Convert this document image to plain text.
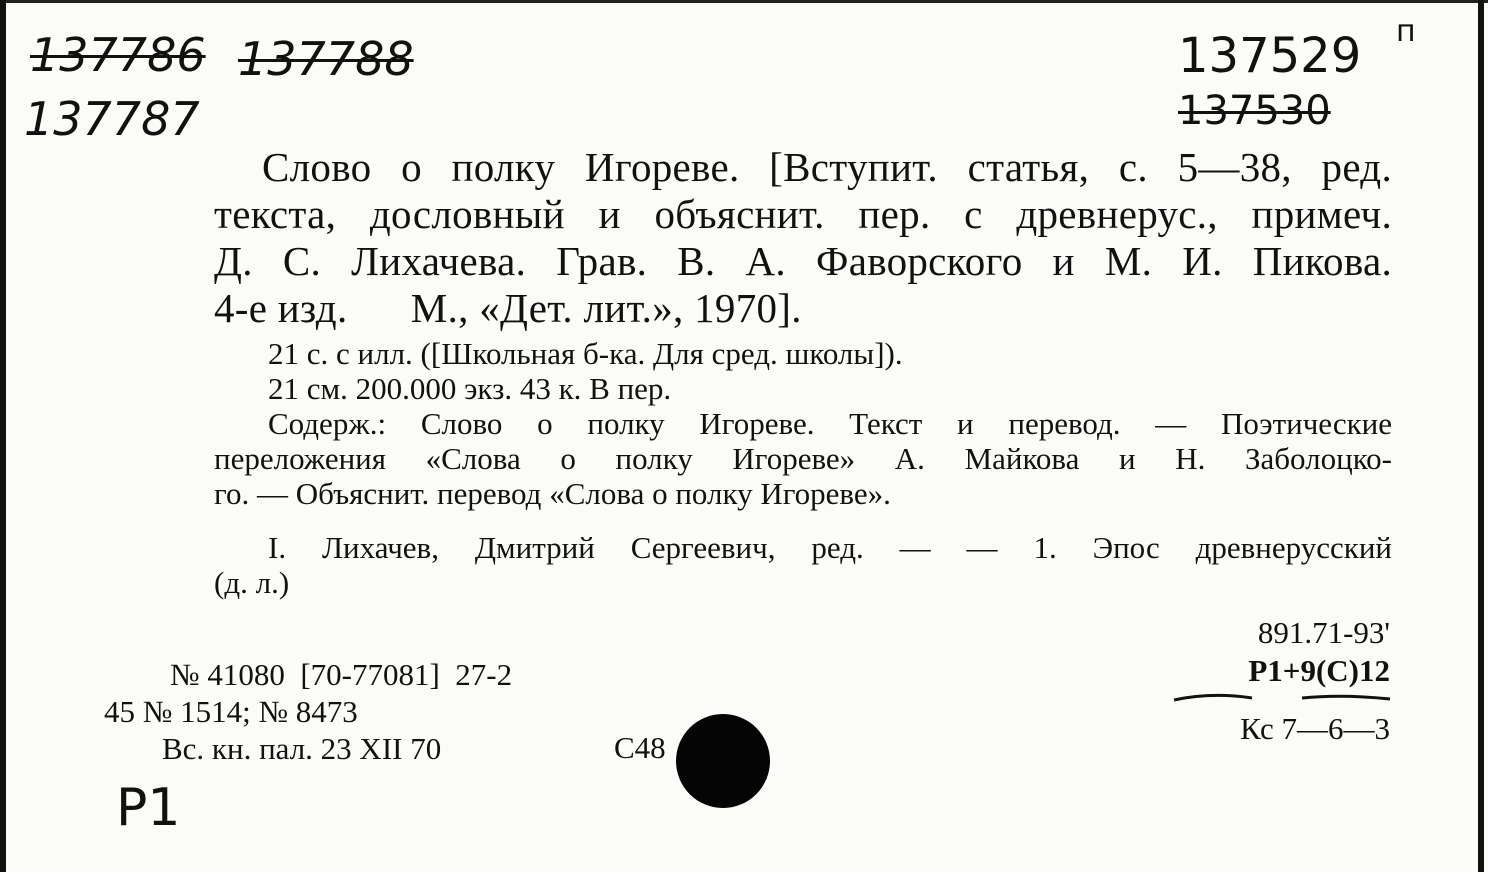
137786 137788
137787
137529 п
137530
Слово о полку Игореве. [Вступит. статья, с. 5—38, ред.
текста, дословный и объяснит. пер. с древнерус., примеч.
Д. С. Лихачева. Грав. В. А. Фаворского и М. И. Пикова.
4-е изд.      М., «Дет. лит.», 1970].
21 с. с илл. ([Школьная б-ка. Для сред. школы]).
21 см. 200.000 экз. 43 к. В пер.
Содерж.: Слово о полку Игореве. Текст и перевод. — Поэтические
переложения «Слова о полку Игореве» А. Майкова и Н. Заболоцко-
го. — Объяснит. перевод «Слова о полку Игореве».
I. Лихачев, Дмитрий Сергеевич, ред. — — 1. Эпос древнерусский
(д. л.)
№ 41080  [70-77081]  27-2
45 № 1514; № 8473
Вс. кн. пал. 23 XII 70	С48
891.71-93'
Р1+9(С)12
Кс 7—6—3
P1
